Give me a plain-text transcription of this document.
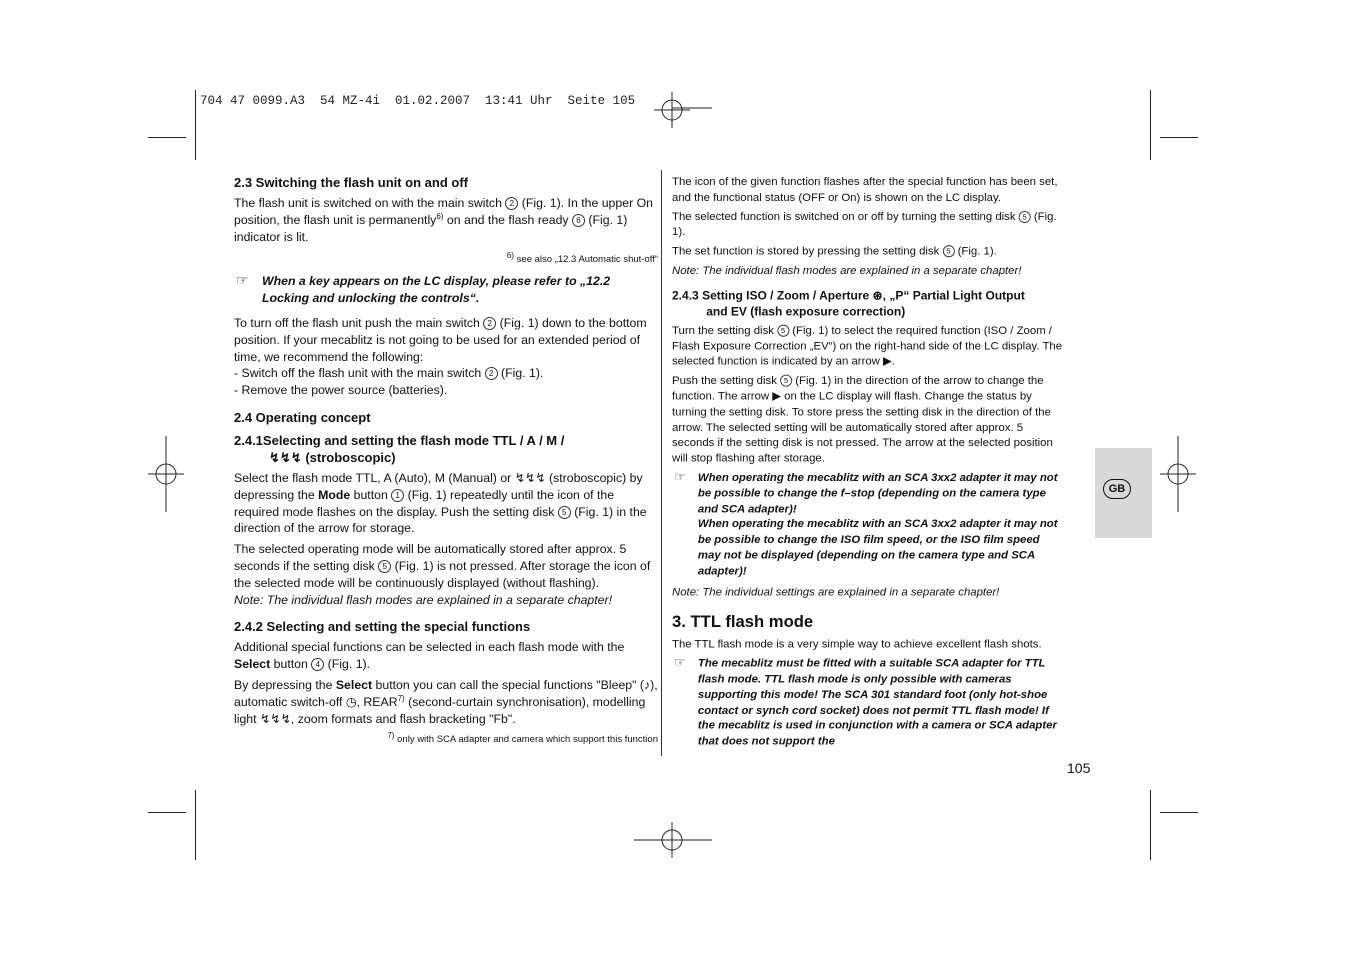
704 47 0099.A3  54 MZ-4i  01.02.2007  13:41 Uhr  Seite 105
2.3 Switching the flash unit on and off

The flash unit is switched on with the main switch 2 (Fig. 1). In the upper On position, the flash unit is permanently$^{6)}$ on and the flash ready 6 (Fig. 1) indicator is lit.

$^{6)}$ see also „12.3 Automatic shut-off“

☞ When a key appears on the LC display, please refer to „12.2 Locking and unlocking the controls“.

To turn off the flash unit push the main switch 2 (Fig. 1) down to the bottom position. If your mecablitz is not going to be used for an extended period of time, we recommend the following:

- Switch off the flash unit with the main switch 2 (Fig. 1).

- Remove the power source (batteries).

2.4 Operating concept
2.4.1Selecting and setting the flash mode TTL / A / M /
↯↯↯ (stroboscopic)

Select the flash mode TTL, A (Auto), M (Manual) or ↯↯↯ (stroboscopic) by depressing the Mode button 1 (Fig. 1) repeatedly until the icon of the required mode flashes on the display. Push the setting disk 5 (Fig. 1) in the direction of the arrow for storage.

The selected operating mode will be automatically stored after approx. 5 seconds if the setting disk 5 (Fig. 1) is not pressed. After storage the icon of the selected mode will be continuously displayed (without flashing).

Note: The individual flash modes are explained in a separate chapter!

2.4.2 Selecting and setting the special functions

Additional special functions can be selected in each flash mode with the Select button 4 (Fig. 1).

By depressing the Select button you can call the special functions "Bleep" (♪), automatic switch-off ◷, REAR$^{7)}$ (second-curtain synchronisation), modelling light ↯↯↯, zoom formats and flash bracketing "Fb".

$^{7)}$ only with SCA adapter and camera which support this function

The icon of the given function flashes after the special function has been set, and the functional status (OFF or On) is shown on the LC display.

The selected function is switched on or off by turning the setting disk 5 (Fig. 1).

The set function is stored by pressing the setting disk 5 (Fig. 1).

Note: The individual flash modes are explained in a separate chapter!

2.4.3 Setting ISO / Zoom / Aperture ⊛, „P“ Partial Light Output
and EV (flash exposure correction)

Turn the setting disk 5 (Fig. 1) to select the required function (ISO / Zoom / Flash Exposure Correction „EV“) on the right-hand side of the LC display. The selected function is indicated by an arrow ▶.

Push the setting disk 5 (Fig. 1) in the direction of the arrow to change the function. The arrow ▶ on the LC display will flash. Change the status by turning the setting disk. To store press the setting disk in the direction of the arrow. The selected setting will be automatically stored after approx. 5 seconds if the setting disk is not pressed. The arrow at the selected position will stop flashing after storage.

☞ When operating the mecablitz with an SCA 3xx2 adapter it may not be possible to change the f–stop (depending on the camera type and SCA adapter)!

When operating the mecablitz with an SCA 3xx2 adapter it may not be possible to change the ISO film speed, or the ISO film speed may not be displayed (depending on the camera type and SCA adapter)!

Note: The individual settings are explained in a separate chapter!

3. TTL flash mode

The TTL flash mode is a very simple way to achieve excellent flash shots.

☞ The mecablitz must be fitted with a suitable SCA adapter for TTL flash mode. TTL flash mode is only possible with cameras supporting this mode! The SCA 301 standard foot (only hot-shoe contact or synch cord socket) does not permit TTL flash mode! If the mecablitz is used in conjunction with a camera or SCA adapter that does not support the

GB
105
